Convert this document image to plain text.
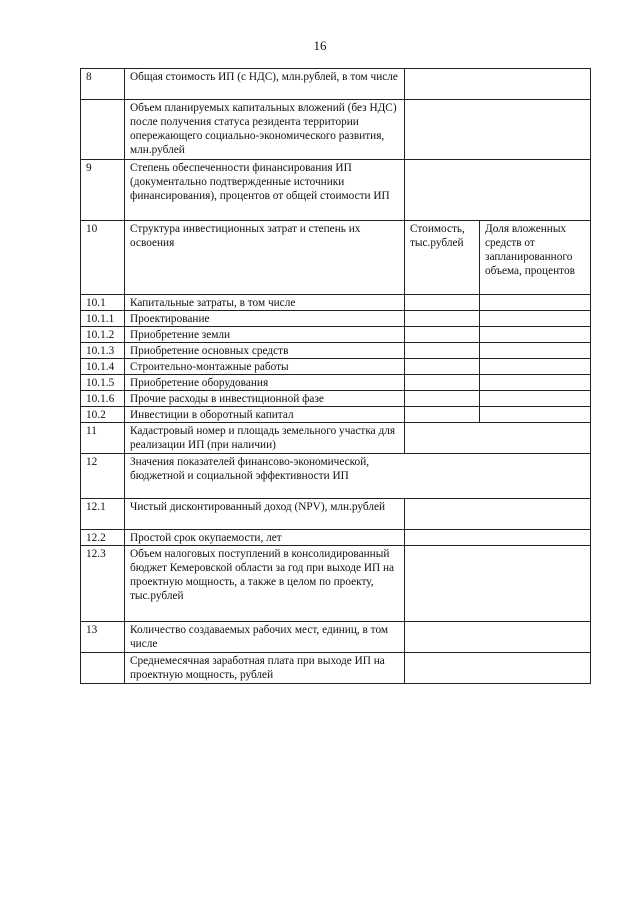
16
8	Общая стоимость ИП (с НДС), млн.рублей, в том числе		
	Объем планируемых капитальных вложений (без НДС) после получения статуса резидента территории опережающего социально-экономического развития, млн.рублей		
9	Степень обеспеченности финансирования ИП (документально подтвержденные источники финансирования), процентов от общей стоимости ИП		
10	Структура инвестиционных затрат и степень их освоения	Стоимость, тыс.рублей	Доля вложенных средств от запланированного объема, процентов
10.1	Капитальные затраты, в том числе		
10.1.1	Проектирование		
10.1.2	Приобретение земли		
10.1.3	Приобретение основных средств		
10.1.4	Строительно-монтажные работы		
10.1.5	Приобретение оборудования		
10.1.6	Прочие расходы в инвестиционной фазе		
10.2	Инвестиции в оборотный капитал		
11	Кадастровый номер и площадь земельного участка для реализации ИП (при наличии)		
12	Значения показателей финансово-экономической, бюджетной и социальной эффективности ИП		

12.1	Чистый дисконтированный доход (NPV), млн.рублей		
12.2	Простой срок окупаемости, лет		
12.3	Объем налоговых поступлений в консолидированный бюджет Кемеровской области за год при выходе ИП на проектную мощность, а также в целом по проекту, тыс.рублей		
13	Количество создаваемых рабочих мест, единиц, в том числе		
	Среднемесячная заработная плата при выходе ИП на проектную мощность, рублей		
